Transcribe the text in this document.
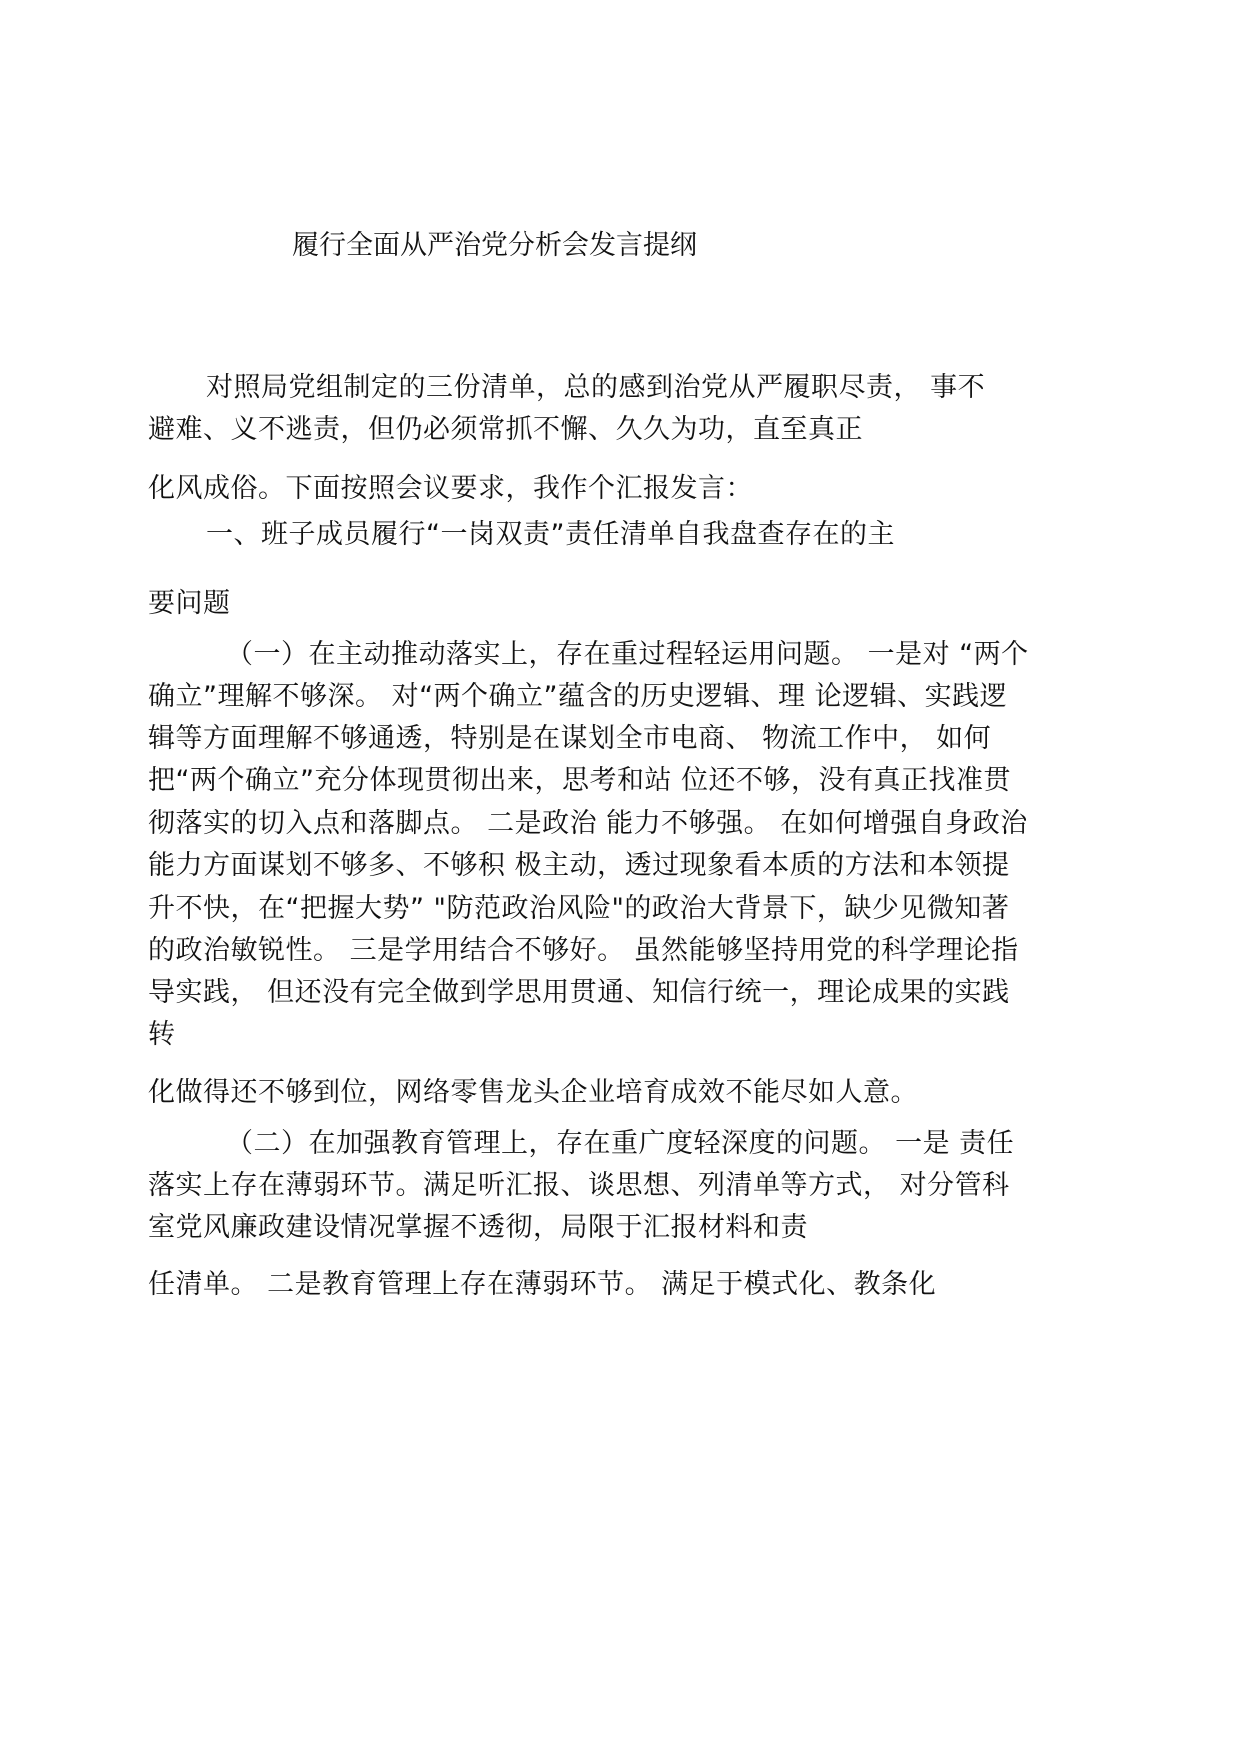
履行全面从严治党分析会发言提纲
对照局党组制定的三份清单，总的感到治党从严履职尽责， 事不
避难、义不逃责，但仍必须常抓不懈、久久为功，直至真正
化风成俗。下面按照会议要求，我作个汇报发言：
一、班子成员履行“一岗双责”责任清单自我盘查存在的主
要问题
（一）在主动推动落实上，存在重过程轻运用问题。 一是对 “两个
确立”理解不够深。 对“两个确立”蕴含的历史逻辑、理 论逻辑、实践逻
辑等方面理解不够通透，特别是在谋划全市电商、 物流工作中， 如何
把“两个确立”充分体现贯彻出来，思考和站 位还不够，没有真正找准贯
彻落实的切入点和落脚点。 二是政治 能力不够强。 在如何增强自身政治
能力方面谋划不够多、不够积 极主动，透过现象看本质的方法和本领提
升不快，在“把握大势” "防范政治风险"的政治大背景下，缺少见微知著
的政治敏锐性。 三是学用结合不够好。 虽然能够坚持用党的科学理论指
导实践， 但还没有完全做到学思用贯通、知信行统一，理论成果的实践
转
化做得还不够到位，网络零售龙头企业培育成效不能尽如人意。
（二）在加强教育管理上，存在重广度轻深度的问题。 一是 责任
落实上存在薄弱环节。满足听汇报、谈思想、列清单等方式， 对分管科
室党风廉政建设情况掌握不透彻，局限于汇报材料和责
任清单。 二是教育管理上存在薄弱环节。 满足于模式化、教条化
